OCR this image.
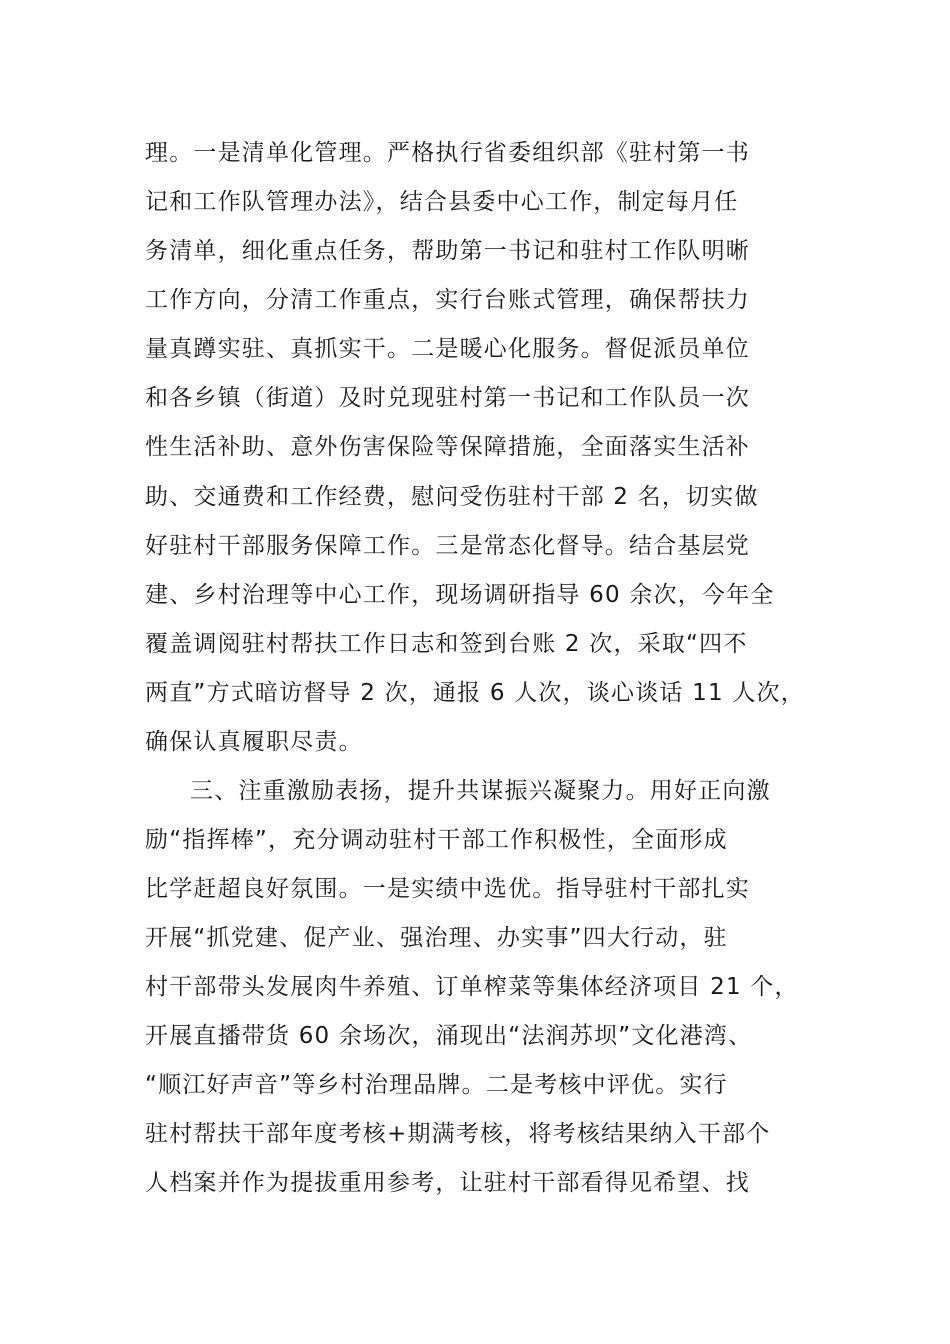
理。一是清单化管理。严格执行省委组织部《驻村第一书
记和工作队管理办法》，结合县委中心工作，制定每月任
务清单，细化重点任务，帮助第一书记和驻村工作队明晰
工作方向，分清工作重点，实行台账式管理，确保帮扶力
量真蹲实驻、真抓实干。二是暖心化服务。督促派员单位
和各乡镇（街道）及时兑现驻村第一书记和工作队员一次
性生活补助、意外伤害保险等保障措施，全面落实生活补
助、交通费和工作经费，慰问受伤驻村干部 2 名，切实做
好驻村干部服务保障工作。三是常态化督导。结合基层党
建、乡村治理等中心工作，现场调研指导 60 余次，今年全
覆盖调阅驻村帮扶工作日志和签到台账 2 次，采取“四不
两直”方式暗访督导 2 次，通报 6 人次，谈心谈话 11 人次，
确保认真履职尽责。
三、注重激励表扬，提升共谋振兴凝聚力。用好正向激
励“指挥棒”，充分调动驻村干部工作积极性，全面形成
比学赶超良好氛围。一是实绩中选优。指导驻村干部扎实
开展“抓党建、促产业、强治理、办实事”四大行动，驻
村干部带头发展肉牛养殖、订单榨菜等集体经济项目 21 个，
开展直播带货 60 余场次，涌现出“法润苏坝”文化港湾、
“顺江好声音”等乡村治理品牌。二是考核中评优。实行
驻村帮扶干部年度考核+期满考核，将考核结果纳入干部个
人档案并作为提拔重用参考，让驻村干部看得见希望、找
